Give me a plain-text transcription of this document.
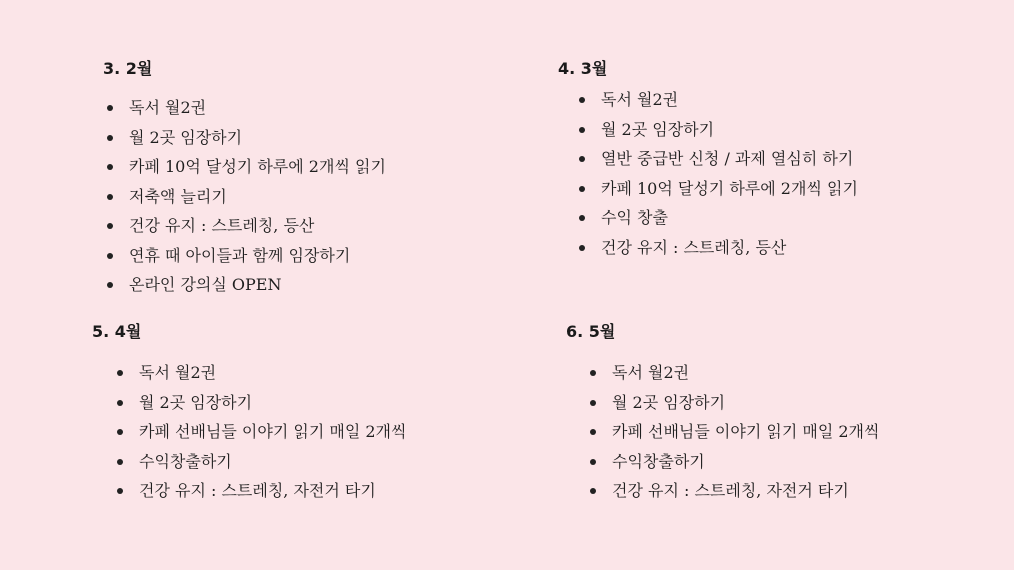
3. 2월
독서 월2권
월 2곳 임장하기
카페 10억 달성기 하루에 2개씩 읽기
저축액 늘리기
건강 유지 : 스트레칭, 등산
연휴 때 아이들과 함께 임장하기
온라인 강의실 OPEN
4. 3월
독서 월2권
월 2곳 임장하기
열반 중급반 신청 / 과제 열심히 하기
카페 10억 달성기 하루에 2개씩 읽기
수익 창출
건강 유지 : 스트레칭, 등산
5. 4월
독서 월2권
월 2곳 임장하기
카페 선배님들 이야기 읽기 매일 2개씩
수익창출하기
건강 유지 : 스트레칭, 자전거 타기
6. 5월
독서 월2권
월 2곳 임장하기
카페 선배님들 이야기 읽기 매일 2개씩
수익창출하기
건강 유지 : 스트레칭, 자전거 타기
